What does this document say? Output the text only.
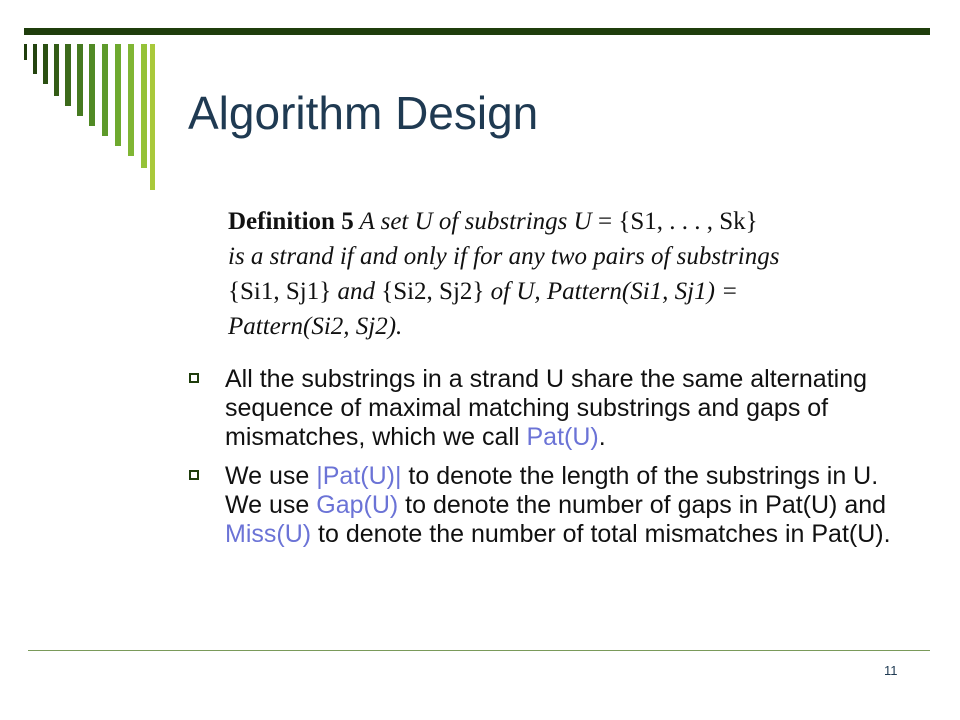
Algorithm Design
Definition 5 A set U of substrings U = {S1, . . . , Sk}
is a strand if and only if for any two pairs of substrings
{Si1, Sj1} and {Si2, Sj2} of U, Pattern(Si1, Sj1) =
Pattern(Si2, Sj2).
All the substrings in a strand U share the same alternating sequence of maximal matching substrings and gaps of mismatches, which we call Pat(U).
We use |Pat(U)| to denote the length of the substrings in U. We use Gap(U) to denote the number of gaps in Pat(U) and Miss(U) to denote the number of total mismatches in Pat(U).
11
